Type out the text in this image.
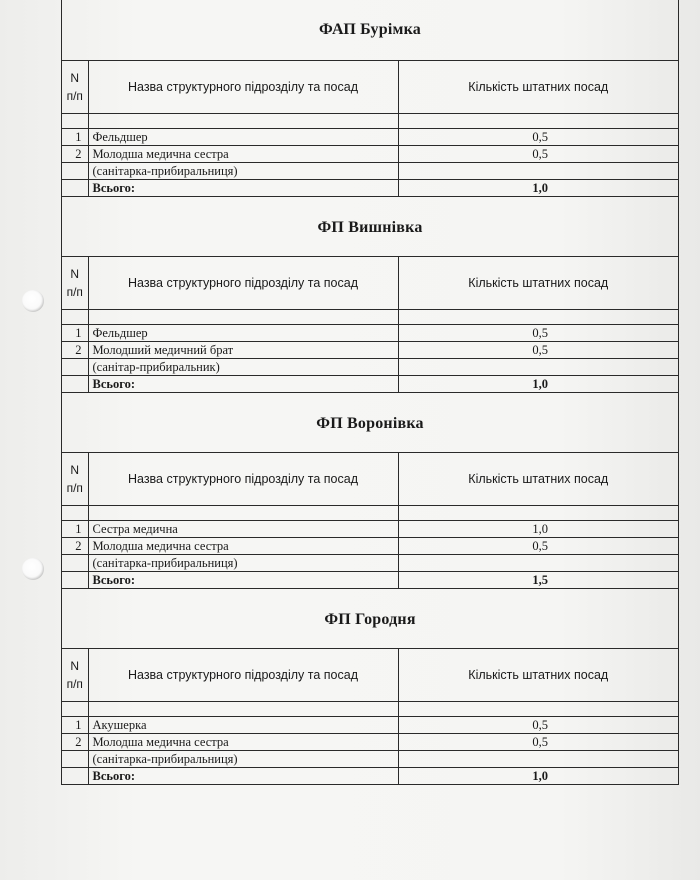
ФАП Бурімка
N
п/п	Назва структурного підрозділу та посад	Кількість штатних посад

1	Фельдшер	0,5
2	Молодша медична сестра	0,5
	(санітарка-прибиральниця)	
	Всього:	1,0
ФП Вишнівка
N
п/п	Назва структурного підрозділу та посад	Кількість штатних посад

1	Фельдшер	0,5
2	Молодший медичний брат	0,5
	(санітар-прибиральник)	
	Всього:	1,0
ФП Воронівка
N
п/п	Назва структурного підрозділу та посад	Кількість штатних посад

1	Сестра медична	1,0
2	Молодша медична сестра	0,5
	(санітарка-прибиральниця)	
	Всього:	1,5
ФП Городня
N
п/п	Назва структурного підрозділу та посад	Кількість штатних посад

1	Акушерка	0,5
2	Молодша медична сестра	0,5
	(санітарка-прибиральниця)	
	Всього:	1,0
